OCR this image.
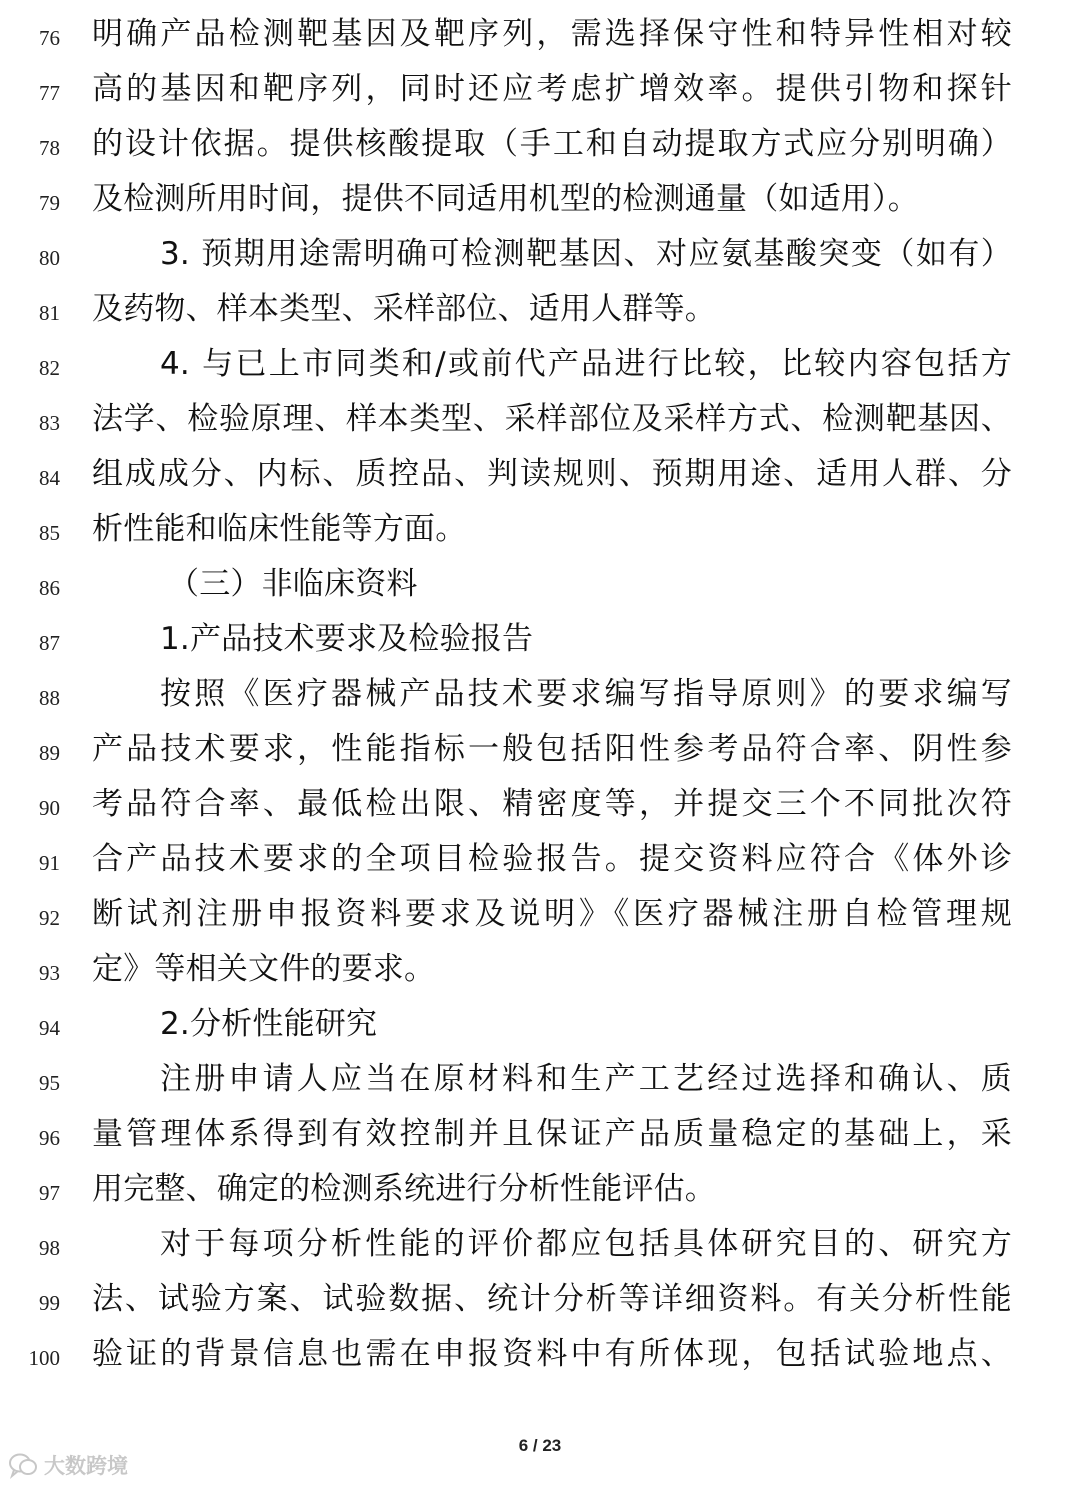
76 明确产品检测靶基因及靶序列，需选择保守性和特异性相对较
77 高的基因和靶序列，同时还应考虑扩增效率。提供引物和探针
78 的设计依据。提供核酸提取（手工和自动提取方式应分别明确）
79 及检测所用时间，提供不同适用机型的检测通量（如适用）。
80	3. 预期用途需明确可检测靶基因、对应氨基酸突变（如有）
81 及药物、样本类型、采样部位、适用人群等。
82	4. 与已上市同类和/或前代产品进行比较，比较内容包括方
83 法学、检验原理、样本类型、采样部位及采样方式、检测靶基因、
84 组成成分、内标、质控品、判读规则、预期用途、适用人群、分
85 析性能和临床性能等方面。
86	（三）非临床资料
87	1.产品技术要求及检验报告
88	按照《医疗器械产品技术要求编写指导原则》的要求编写
89 产品技术要求，性能指标一般包括阳性参考品符合率、阴性参
90 考品符合率、最低检出限、精密度等，并提交三个不同批次符
91 合产品技术要求的全项目检验报告。提交资料应符合《体外诊
92 断试剂注册申报资料要求及说明》《医疗器械注册自检管理规
93 定》等相关文件的要求。
94	2.分析性能研究
95	注册申请人应当在原材料和生产工艺经过选择和确认、质
96 量管理体系得到有效控制并且保证产品质量稳定的基础上，采
97 用完整、确定的检测系统进行分析性能评估。
98	对于每项分析性能的评价都应包括具体研究目的、研究方
99 法、试验方案、试验数据、统计分析等详细资料。有关分析性能
100 验证的背景信息也需在申报资料中有所体现，包括试验地点、
6 / 23
大数跨境
